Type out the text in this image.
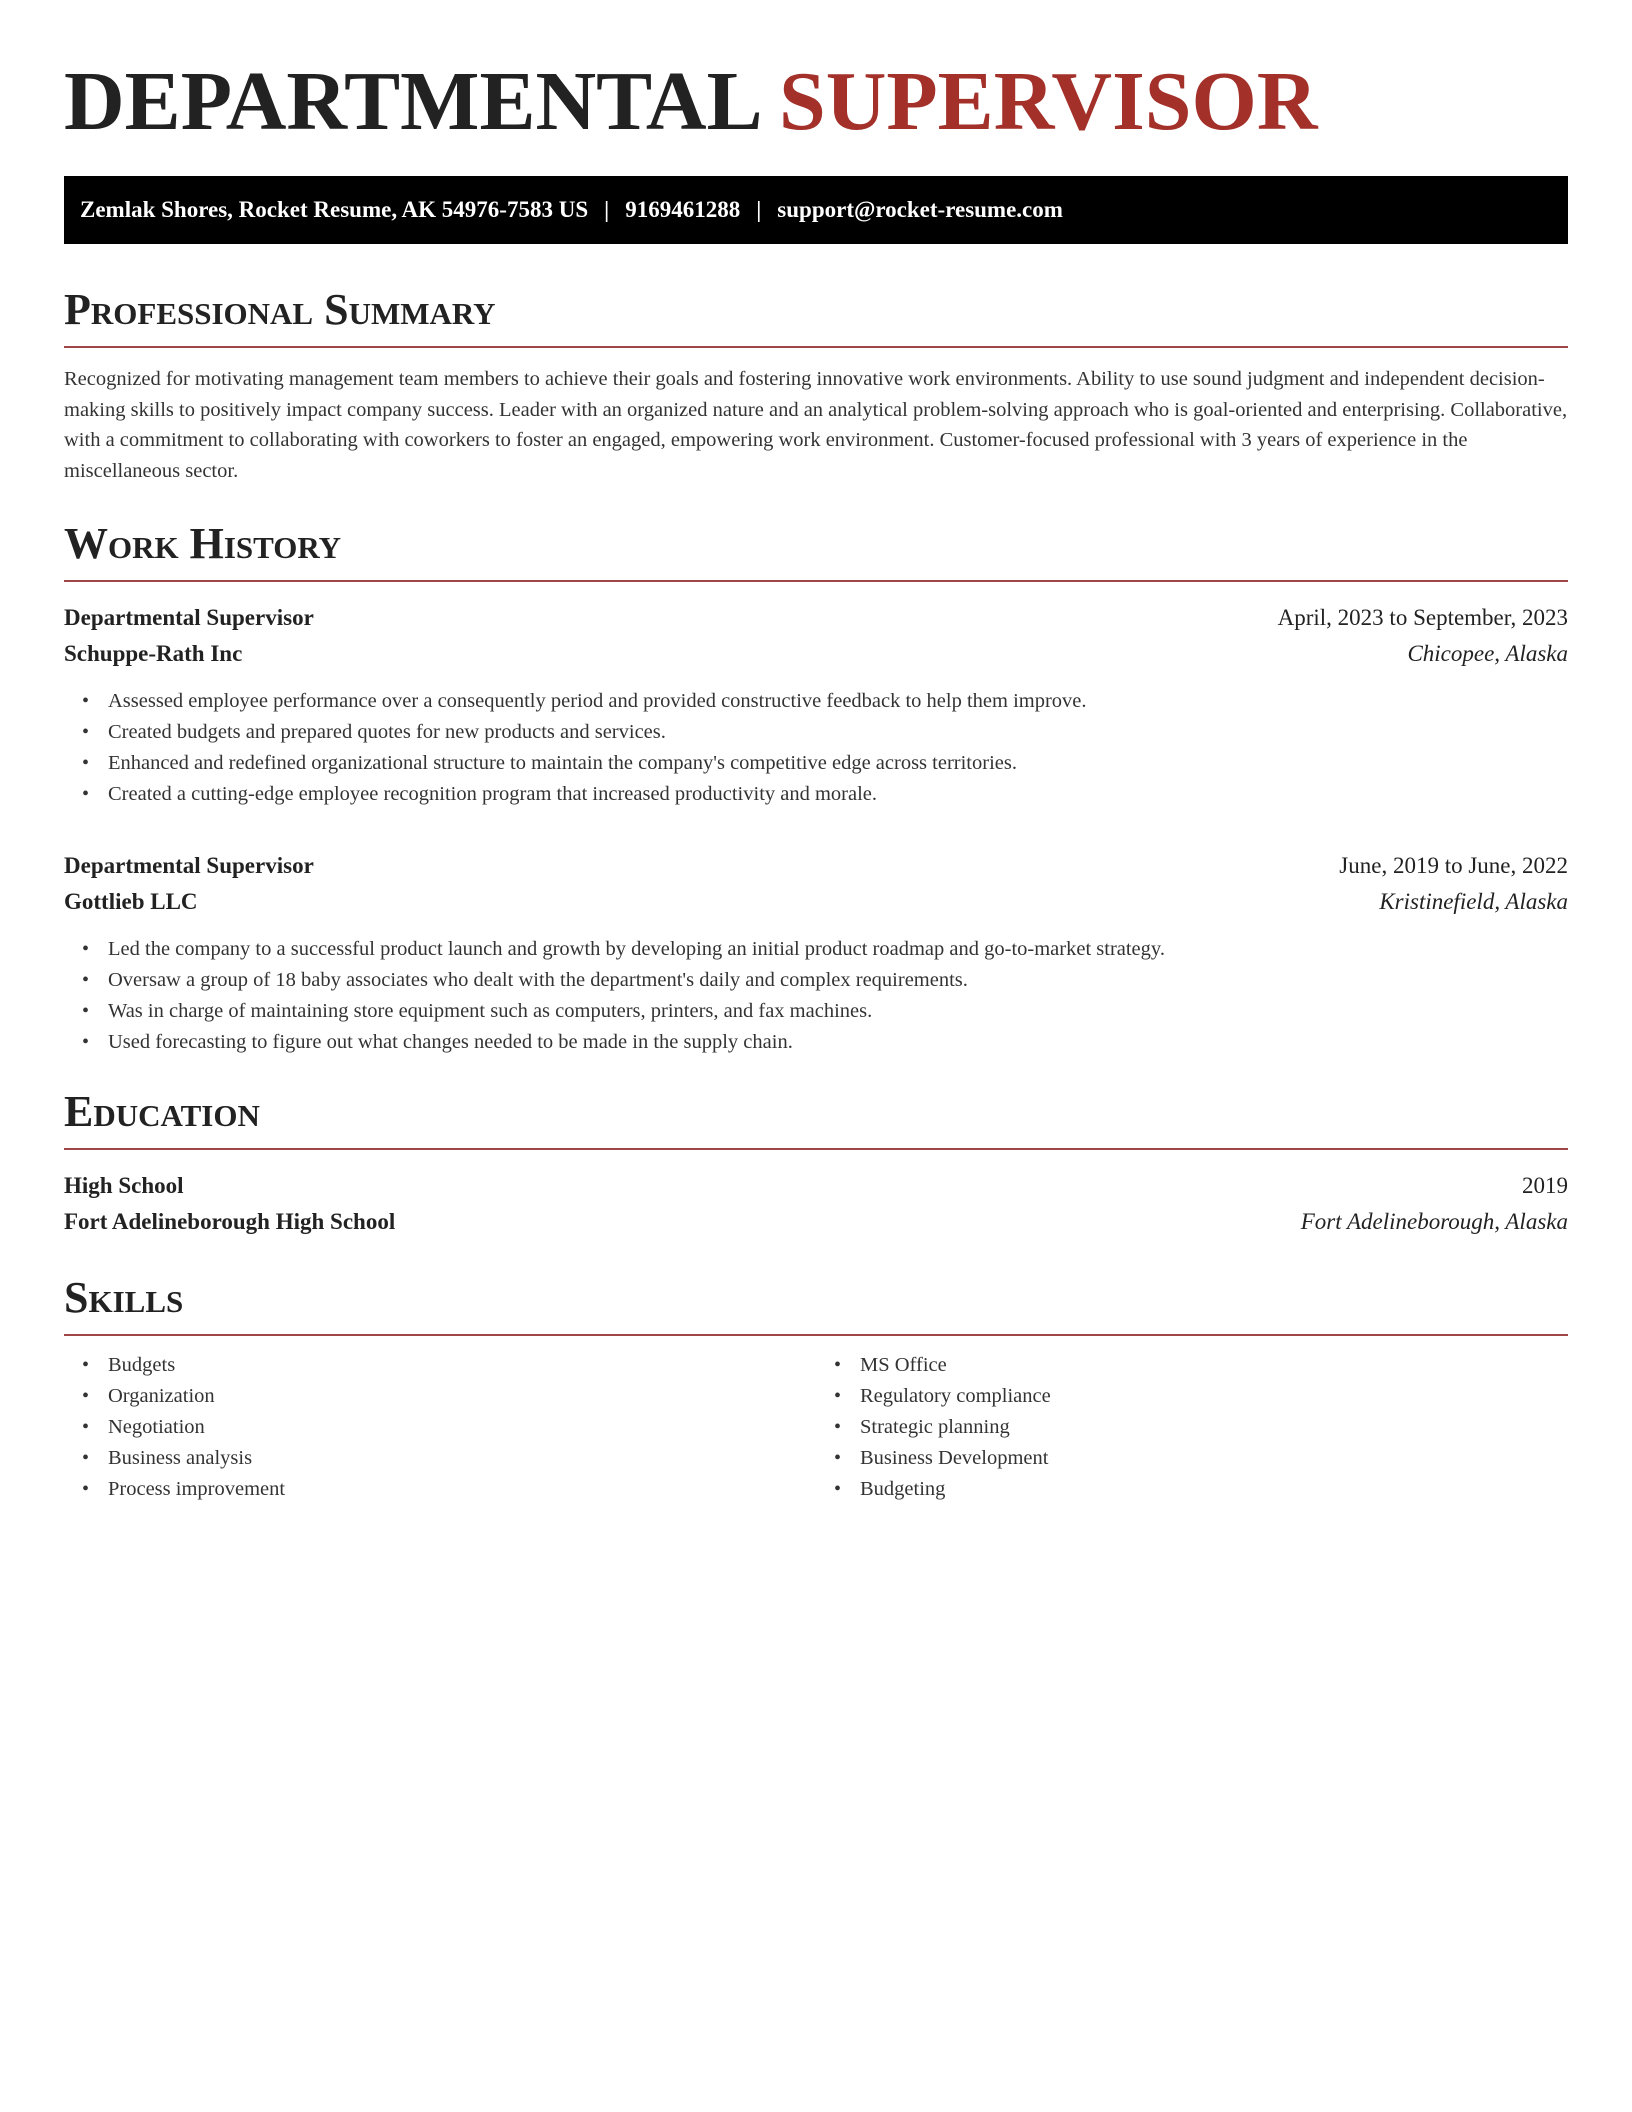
DEPARTMENTAL SUPERVISOR
Zemlak Shores, Rocket Resume, AK 54976-7583 US | 9169461288 | support@rocket-resume.com
Professional Summary

Recognized for motivating management team members to achieve their goals and fostering innovative work environments. Ability to use sound judgment and independent decision-making skills to positively impact company success. Leader with an organized nature and an analytical problem-solving approach who is goal-oriented and enterprising. Collaborative, with a commitment to collaborating with coworkers to foster an engaged, empowering work environment. Customer-focused professional with 3 years of experience in the miscellaneous sector.

Work History
Departmental Supervisor	April, 2023 to September, 2023
Schuppe-Rath Inc	Chicopee, Alaska
• Assessed employee performance over a consequently period and provided constructive feedback to help them improve.
• Created budgets and prepared quotes for new products and services.
• Enhanced and redefined organizational structure to maintain the company's competitive edge across territories.
• Created a cutting-edge employee recognition program that increased productivity and morale.
Departmental Supervisor	June, 2019 to June, 2022
Gottlieb LLC	Kristinefield, Alaska
• Led the company to a successful product launch and growth by developing an initial product roadmap and go-to-market strategy.
• Oversaw a group of 18 baby associates who dealt with the department's daily and complex requirements.
• Was in charge of maintaining store equipment such as computers, printers, and fax machines.
• Used forecasting to figure out what changes needed to be made in the supply chain.
Education
High School	2019
Fort Adelineborough High School	Fort Adelineborough, Alaska
Skills
• Budgets
• Organization
• Negotiation
• Business analysis
• Process improvement
• MS Office
• Regulatory compliance
• Strategic planning
• Business Development
• Budgeting
